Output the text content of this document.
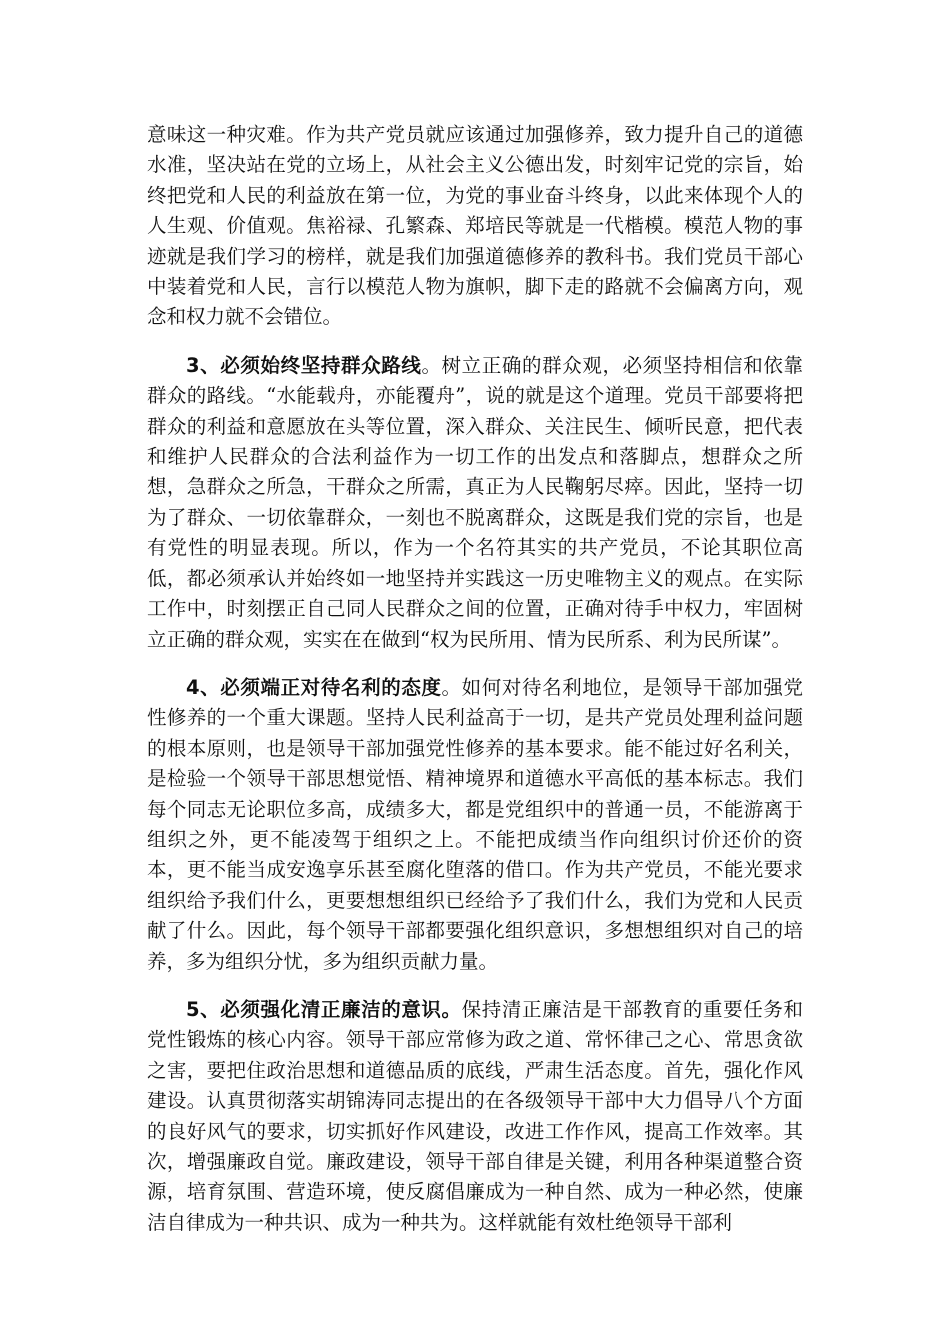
意味这一种灾难。作为共产党员就应该通过加强修养，致力提升自己的道德水准，坚决站在党的立场上，从社会主义公德出发，时刻牢记党的宗旨，始终把党和人民的利益放在第一位，为党的事业奋斗终身，以此来体现个人的人生观、价值观。焦裕禄、孔繁森、郑培民等就是一代楷模。模范人物的事迹就是我们学习的榜样，就是我们加强道德修养的教科书。我们党员干部心中装着党和人民，言行以模范人物为旗帜，脚下走的路就不会偏离方向，观念和权力就不会错位。

3、必须始终坚持群众路线。树立正确的群众观，必须坚持相信和依靠群众的路线。“水能载舟，亦能覆舟”，说的就是这个道理。党员干部要将把群众的利益和意愿放在头等位置，深入群众、关注民生、倾听民意，把代表和维护人民群众的合法利益作为一切工作的出发点和落脚点，想群众之所想，急群众之所急，干群众之所需，真正为人民鞠躬尽瘁。因此，坚持一切为了群众、一切依靠群众，一刻也不脱离群众，这既是我们党的宗旨，也是有党性的明显表现。所以，作为一个名符其实的共产党员，不论其职位高低，都必须承认并始终如一地坚持并实践这一历史唯物主义的观点。在实际工作中，时刻摆正自己同人民群众之间的位置，正确对待手中权力，牢固树立正确的群众观，实实在在做到“权为民所用、情为民所系、利为民所谋”。

4、必须端正对待名利的态度。如何对待名利地位，是领导干部加强党性修养的一个重大课题。坚持人民利益高于一切，是共产党员处理利益问题的根本原则，也是领导干部加强党性修养的基本要求。能不能过好名利关，是检验一个领导干部思想觉悟、精神境界和道德水平高低的基本标志。我们每个同志无论职位多高，成绩多大，都是党组织中的普通一员，不能游离于组织之外，更不能凌驾于组织之上。不能把成绩当作向组织讨价还价的资本，更不能当成安逸享乐甚至腐化堕落的借口。作为共产党员，不能光要求组织给予我们什么，更要想想组织已经给予了我们什么，我们为党和人民贡献了什么。因此，每个领导干部都要强化组织意识，多想想组织对自己的培养，多为组织分忧，多为组织贡献力量。

5、必须强化清正廉洁的意识。保持清正廉洁是干部教育的重要任务和党性锻炼的核心内容。领导干部应常修为政之道、常怀律己之心、常思贪欲之害，要把住政治思想和道德品质的底线，严肃生活态度。首先，强化作风建设。认真贯彻落实胡锦涛同志提出的在各级领导干部中大力倡导八个方面的良好风气的要求，切实抓好作风建设，改进工作作风，提高工作效率。其次，增强廉政自觉。廉政建设，领导干部自律是关键，利用各种渠道整合资源，培育氛围、营造环境，使反腐倡廉成为一种自然、成为一种必然，使廉洁自律成为一种共识、成为一种共为。这样就能有效杜绝领导干部利
